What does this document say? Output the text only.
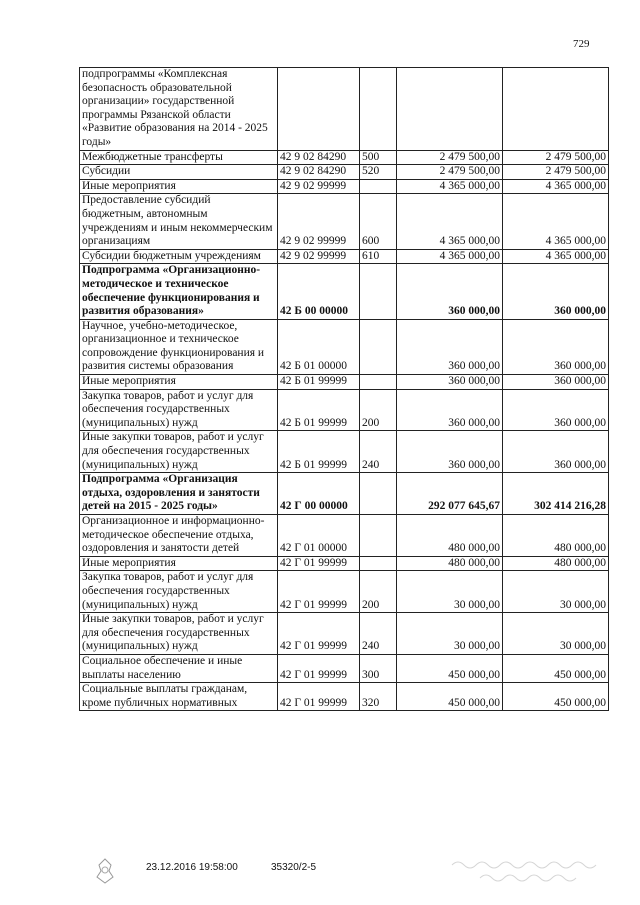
729
подпрограммы «Комплексная безопасность образовательной организации» государственной программы Рязанской области «Развитие образования на 2014 - 2025 годы»				
Межбюджетные трансферты	42 9 02 84290	500	2 479 500,00	2 479 500,00
Субсидии	42 9 02 84290	520	2 479 500,00	2 479 500,00
Иные мероприятия	42 9 02 99999		4 365 000,00	4 365 000,00
Предоставление субсидий бюджетным, автономным учреждениям и иным некоммерческим организациям	42 9 02 99999	600	4 365 000,00	4 365 000,00
Субсидии бюджетным учреждениям	42 9 02 99999	610	4 365 000,00	4 365 000,00
Подпрограмма «Организационно-методическое и техническое обеспечение функционирования и развития образования»	42 Б 00 00000		360 000,00	360 000,00
Научное, учебно-методическое, организационное и техническое сопровождение функционирования и развития системы образования	42 Б 01 00000		360 000,00	360 000,00
Иные мероприятия	42 Б 01 99999		360 000,00	360 000,00
Закупка товаров, работ и услуг для обеспечения государственных (муниципальных) нужд	42 Б 01 99999	200	360 000,00	360 000,00
Иные закупки товаров, работ и услуг для обеспечения государственных (муниципальных) нужд	42 Б 01 99999	240	360 000,00	360 000,00
Подпрограмма «Организация отдыха, оздоровления и занятости детей на 2015 - 2025 годы»	42 Г 00 00000		292 077 645,67	302 414 216,28
Организационное и информационно-методическое обеспечение отдыха, оздоровления и занятости детей	42 Г 01 00000		480 000,00	480 000,00
Иные мероприятия	42 Г 01 99999		480 000,00	480 000,00
Закупка товаров, работ и услуг для обеспечения государственных (муниципальных) нужд	42 Г 01 99999	200	30 000,00	30 000,00
Иные закупки товаров, работ и услуг для обеспечения государственных (муниципальных) нужд	42 Г 01 99999	240	30 000,00	30 000,00
Социальное обеспечение и иные выплаты населению	42 Г 01 99999	300	450 000,00	450 000,00
Социальные выплаты гражданам, кроме публичных нормативных	42 Г 01 99999	320	450 000,00	450 000,00
23.12.2016 19:58:00	35320/2-5
